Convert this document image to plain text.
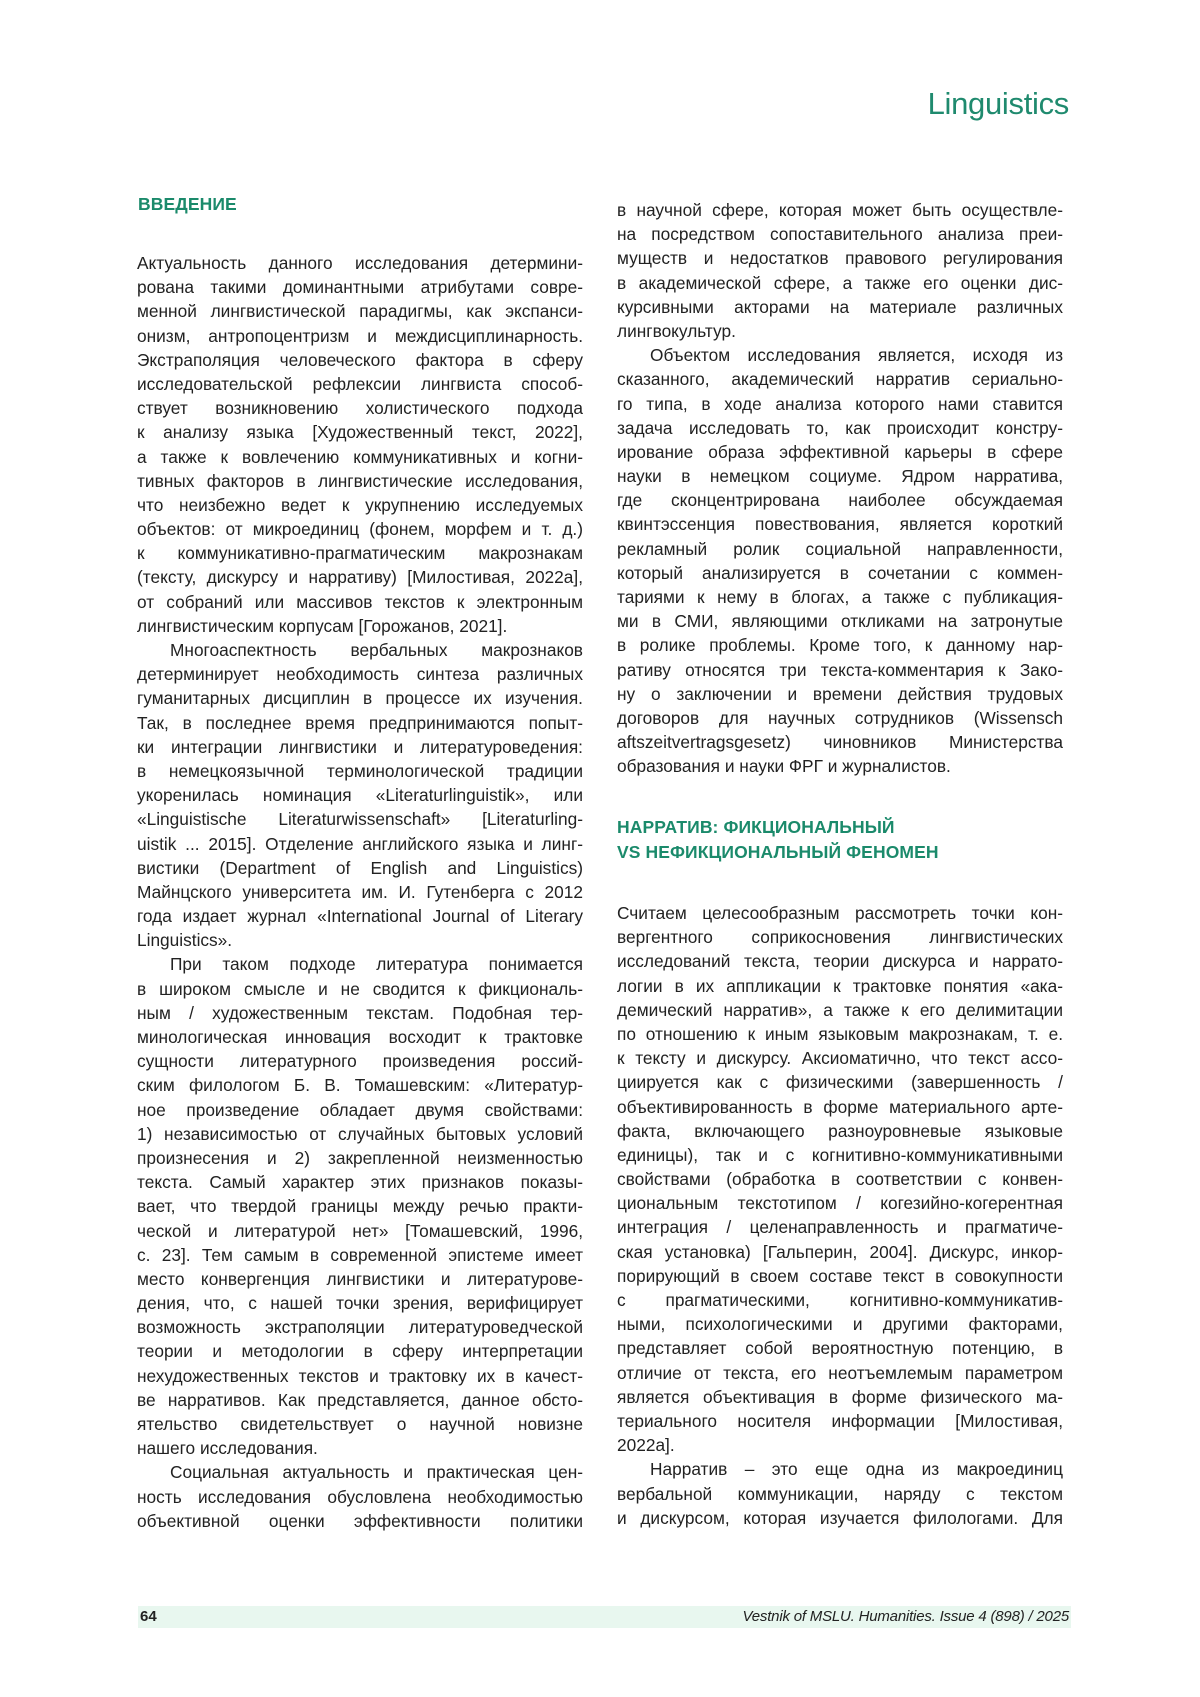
Linguistics
ВВЕДЕНИЕ
Актуальность данного исследования детермини-
рована такими доминантными атрибутами совре-
менной лингвистической парадигмы, как экспанси-
онизм, антропоцентризм и междисциплинарность.
Экстраполяция человеческого фактора в сферу
исследовательской рефлексии лингвиста способ-
ствует возникновению холистического подхода
к анализу языка [Художественный текст, 2022],
а также к вовлечению коммуникативных и когни-
тивных факторов в лингвистические исследования,
что неизбежно ведет к укрупнению исследуемых
объектов: от микроединиц (фонем, морфем и т. д.)
к коммуникативно-прагматическим макрознакам
(тексту, дискурсу и нарративу) [Милостивая, 2022а],
от собраний или массивов текстов к электронным
лингвистическим корпусам [Горожанов, 2021].
Многоаспектность вербальных макрознаков
детерминирует необходимость синтеза различных
гуманитарных дисциплин в процессе их изучения.
Так, в последнее время предпринимаются попыт-
ки интеграции лингвистики и литературоведения:
в немецкоязычной терминологической традиции
укоренилась номинация «Literaturlinguistik», или
«Linguistische Literaturwissenschaft» [Literaturling-
uistik ... 2015]. Отделение английского языка и линг-
вистики (Department of English and Linguistics)
Майнцского университета им. И. Гутенберга с 2012
года издает журнал «International Journal of Literary
Linguistics».
При таком подходе литература понимается
в широком смысле и не сводится к фикциональ-
ным / художественным текстам. Подобная тер-
минологическая инновация восходит к трактовке
сущности литературного произведения россий-
ским филологом Б. В. Томашевским: «Литератур-
ное произведение обладает двумя свойствами:
1) независимостью от случайных бытовых условий
произнесения и 2) закрепленной неизменностью
текста. Самый характер этих признаков показы-
вает, что твердой границы между речью практи-
ческой и литературой нет» [Томашевский, 1996,
с. 23]. Тем самым в современной эпистеме имеет
место конвергенция лингвистики и литературове-
дения, что, с нашей точки зрения, верифицирует
возможность экстраполяции литературоведческой
теории и методологии в сферу интерпретации
нехудожественных текстов и трактовку их в качест-
ве нарративов. Как представляется, данное обсто-
ятельство свидетельствует о научной новизне
нашего исследования.
Социальная актуальность и практическая цен-
ность исследования обусловлена необходимостью
объективной оценки эффективности политики
в научной сфере, которая может быть осуществле-
на посредством сопоставительного анализа преи-
муществ и недостатков правового регулирования
в академической сфере, а также его оценки дис-
курсивными акторами на материале различных
лингвокультур.
Объектом исследования является, исходя из
сказанного, академический нарратив сериально-
го типа, в ходе анализа которого нами ставится
задача исследовать то, как происходит констру-
ирование образа эффективной карьеры в сфере
науки в немецком социуме. Ядром нарратива,
где сконцентрирована наиболее обсуждаемая
квинтэссенция повествования, является короткий
рекламный ролик социальной направленности,
который анализируется в сочетании с коммен-
тариями к нему в блогах, а также с публикация-
ми в СМИ, являющими откликами на затронутые
в ролике проблемы. Кроме того, к данному нар-
ративу относятся три текста-комментария к Зако-
ну о заключении и времени действия трудовых
договоров для научных сотрудников (Wissensch
aftszeitvertragsgesetz) чиновников Министерства
образования и науки ФРГ и журналистов.
НАРРАТИВ: ФИКЦИОНАЛЬНЫЙ
VS НЕФИКЦИОНАЛЬНЫЙ ФЕНОМЕН
Считаем целесообразным рассмотреть точки кон-
вергентного соприкосновения лингвистических
исследований текста, теории дискурса и наррато-
логии в их аппликации к трактовке понятия «ака-
демический нарратив», а также к его делимитации
по отношению к иным языковым макрознакам, т. е.
к тексту и дискурсу. Аксиоматично, что текст ассо-
циируется как с физическими (завершенность /
объективированность в форме материального арте-
факта, включающего разноуровневые языковые
единицы), так и с когнитивно-коммуникативными
свойствами (обработка в соответствии с конвен-
циональным текстотипом / когезийно-когерентная
интеграция / целенаправленность и прагматиче-
ская установка) [Гальперин, 2004]. Дискурс, инкор-
порирующий в своем составе текст в совокупности
с прагматическими, когнитивно-коммуникатив-
ными, психологическими и другими факторами,
представляет собой вероятностную потенцию, в
отличие от текста, его неотъемлемым параметром
является объективация в форме физического ма-
териального носителя информации [Милостивая,
2022а].
Нарратив – это еще одна из макроединиц
вербальной коммуникации, наряду с текстом
и дискурсом, которая изучается филологами. Для
64	Vestnik of MSLU. Humanities. Issue 4 (898) / 2025
